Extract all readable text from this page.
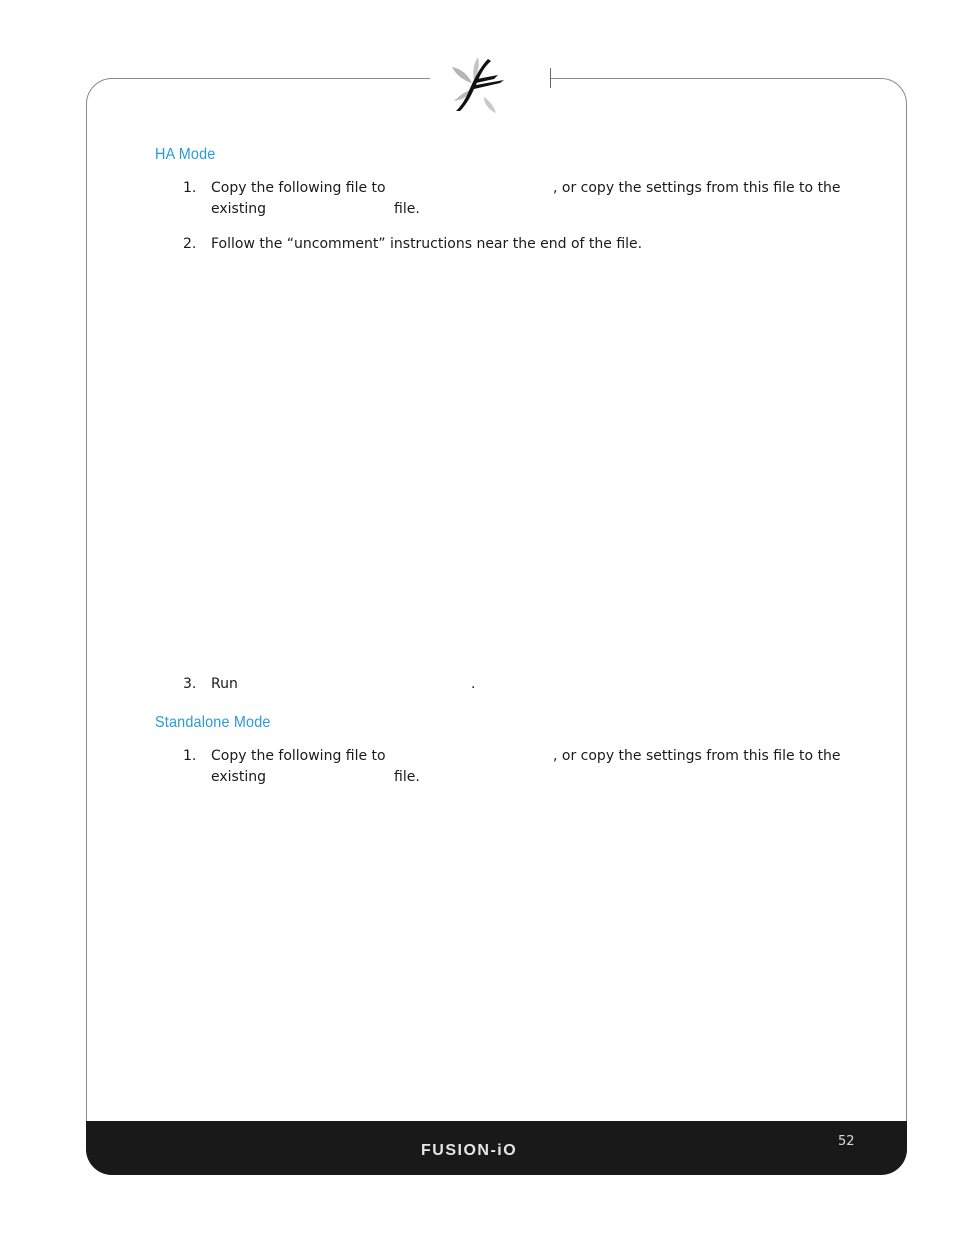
HA Mode
1. Copy the following file to	, or copy the settings from this file to the
existing	file.
2. Follow the “uncomment” instructions near the end of the file.
3. Run	.
Standalone Mode
1. Copy the following file to	, or copy the settings from this file to the
existing	file.
FUSION-iO
52
